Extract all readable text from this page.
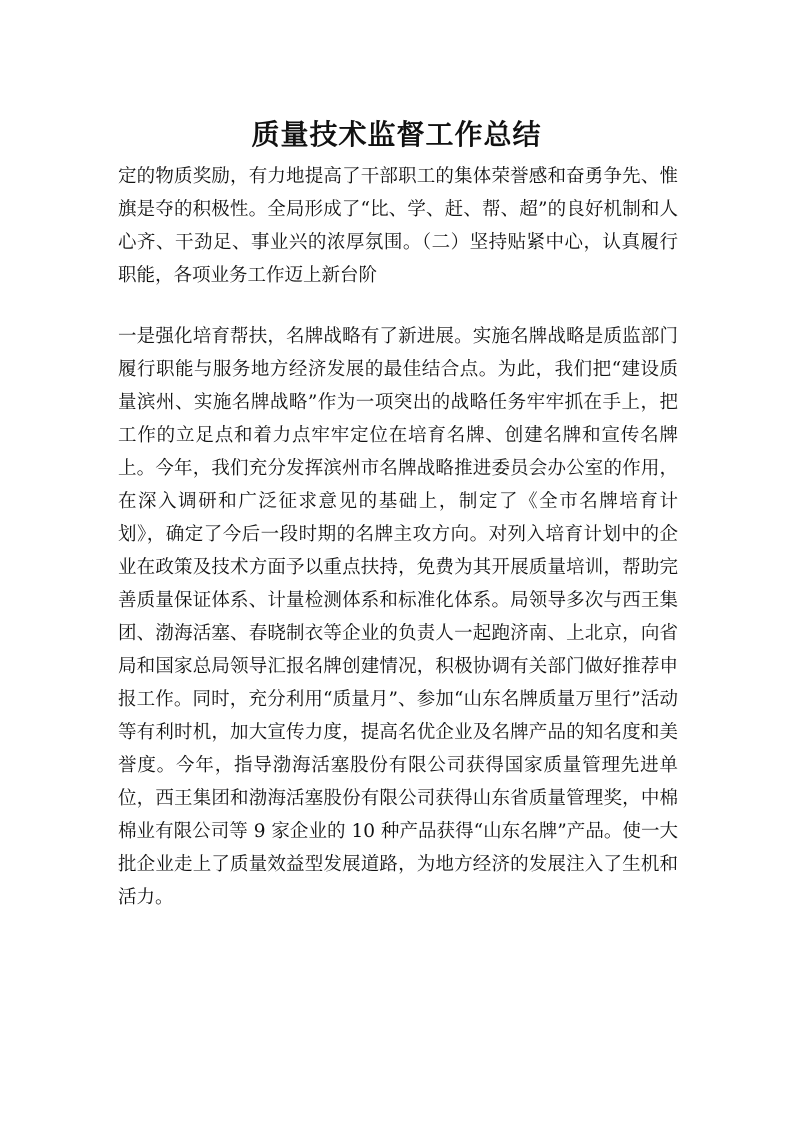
质量技术监督工作总结

定的物质奖励，有力地提高了干部职工的集体荣誉感和奋勇争先、惟旗是夺的积极性。全局形成了“比、学、赶、帮、超”的良好机制和人心齐、干劲足、事业兴的浓厚氛围。（二）坚持贴紧中心，认真履行职能，各项业务工作迈上新台阶

一是强化培育帮扶，名牌战略有了新进展。实施名牌战略是质监部门履行职能与服务地方经济发展的最佳结合点。为此，我们把“建设质量滨州、实施名牌战略”作为一项突出的战略任务牢牢抓在手上，把工作的立足点和着力点牢牢定位在培育名牌、创建名牌和宣传名牌上。今年，我们充分发挥滨州市名牌战略推进委员会办公室的作用，在深入调研和广泛征求意见的基础上，制定了《全市名牌培育计划》，确定了今后一段时期的名牌主攻方向。对列入培育计划中的企业在政策及技术方面予以重点扶持，免费为其开展质量培训，帮助完善质量保证体系、计量检测体系和标准化体系。局领导多次与西王集团、渤海活塞、春晓制衣等企业的负责人一起跑济南、上北京，向省局和国家总局领导汇报名牌创建情况，积极协调有关部门做好推荐申报工作。同时，充分利用“质量月”、参加“山东名牌质量万里行”活动等有利时机，加大宣传力度，提高名优企业及名牌产品的知名度和美誉度。今年，指导渤海活塞股份有限公司获得国家质量管理先进单位，西王集团和渤海活塞股份有限公司获得山东省质量管理奖，中棉棉业有限公司等 9 家企业的 10 种产品获得“山东名牌”产品。使一大批企业走上了质量效益型发展道路，为地方经济的发展注入了生机和活力。
